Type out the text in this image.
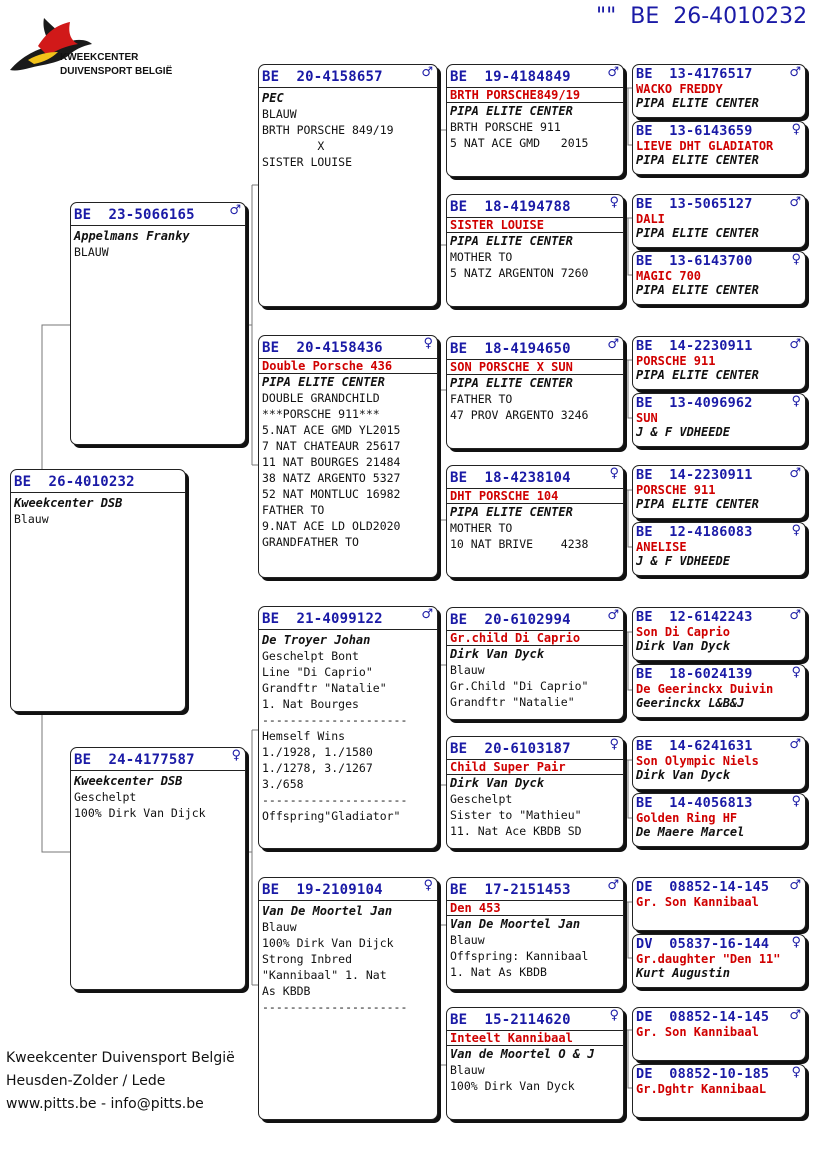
KWEEKCENTER
DUIVENSPORT BELGIË
""  BE  26-4010232
BE  26-4010232
Kweekcenter DSB
Blauw
BE  23-5066165	♂
Appelmans Franky
BLAUW
BE  24-4177587	♀
Kweekcenter DSB
Geschelpt
100% Dirk Van Dijck
BE  20-4158657	♂
PEC
BLAUW
BRTH PORSCHE 849/19
X
SISTER LOUISE
BE  20-4158436	♀
Double Porsche 436
PIPA ELITE CENTER
DOUBLE GRANDCHILD
***PORSCHE 911***
5.NAT ACE GMD YL2015
7 NAT CHATEAUR 25617
11 NAT BOURGES 21484
38 NATZ ARGENTO 5327
52 NAT MONTLUC 16982
FATHER TO
9.NAT ACE LD OLD2020
GRANDFATHER TO
BE  21-4099122	♂
De Troyer Johan
Geschelpt Bont
Line "Di Caprio"
Grandftr "Natalie"
1. Nat Bourges
---------------------
Hemself Wins
1./1928, 1./1580
1./1278, 3./1267
3./658
---------------------
Offspring"Gladiator"
BE  19-2109104	♀
Van De Moortel Jan
Blauw
100% Dirk Van Dijck
Strong Inbred
"Kannibaal" 1. Nat
As KBDB
---------------------
BE  19-4184849	♂
BRTH PORSCHE849/19
PIPA ELITE CENTER
BRTH PORSCHE 911
5 NAT ACE GMD   2015
BE  18-4194788	♀
SISTER LOUISE
PIPA ELITE CENTER
MOTHER TO
5 NATZ ARGENTON 7260
BE  18-4194650	♂
SON PORSCHE X SUN
PIPA ELITE CENTER
FATHER TO
47 PROV ARGENTO 3246
BE  18-4238104	♀
DHT PORSCHE 104
PIPA ELITE CENTER
MOTHER TO
10 NAT BRIVE    4238
BE  20-6102994	♂
Gr.child Di Caprio
Dirk Van Dyck
Blauw
Gr.Child "Di Caprio"
Grandftr "Natalie"
BE  20-6103187	♀
Child Super Pair
Dirk Van Dyck
Geschelpt
Sister to "Mathieu"
11. Nat Ace KBDB SD
BE  17-2151453	♂
Den 453
Van De Moortel Jan
Blauw
Offspring: Kannibaal
1. Nat As KBDB
BE  15-2114620	♀
Inteelt Kannibaal
Van de Moortel O & J
Blauw
100% Dirk Van Dyck
BE  13-4176517	♂
WACKO FREDDY
PIPA ELITE CENTER
BE  13-6143659	♀
LIEVE DHT GLADIATOR
PIPA ELITE CENTER
BE  13-5065127	♂
DALI
PIPA ELITE CENTER
BE  13-6143700	♀
MAGIC 700
PIPA ELITE CENTER
BE  14-2230911	♂
PORSCHE 911
PIPA ELITE CENTER
BE  13-4096962	♀
SUN
J & F VDHEEDE
BE  14-2230911	♂
PORSCHE 911
PIPA ELITE CENTER
BE  12-4186083	♀
ANELISE
J & F VDHEEDE
BE  12-6142243	♂
Son Di Caprio
Dirk Van Dyck
BE  18-6024139	♀
De Geerinckx Duivin
Geerinckx L&B&J
BE  14-6241631	♂
Son Olympic Niels
Dirk Van Dyck
BE  14-4056813	♀
Golden Ring HF
De Maere Marcel
DE  08852-14-145 ♂
Gr. Son Kannibaal
DV  05837-16-144 ♀
Gr.daughter "Den 11"
Kurt Augustin
DE  08852-14-145 ♂
Gr. Son Kannibaal
DE  08852-10-185 ♀
Gr.Dghtr KannibaaL
Kweekcenter Duivensport België
Heusden-Zolder / Lede
www.pitts.be - info@pitts.be
